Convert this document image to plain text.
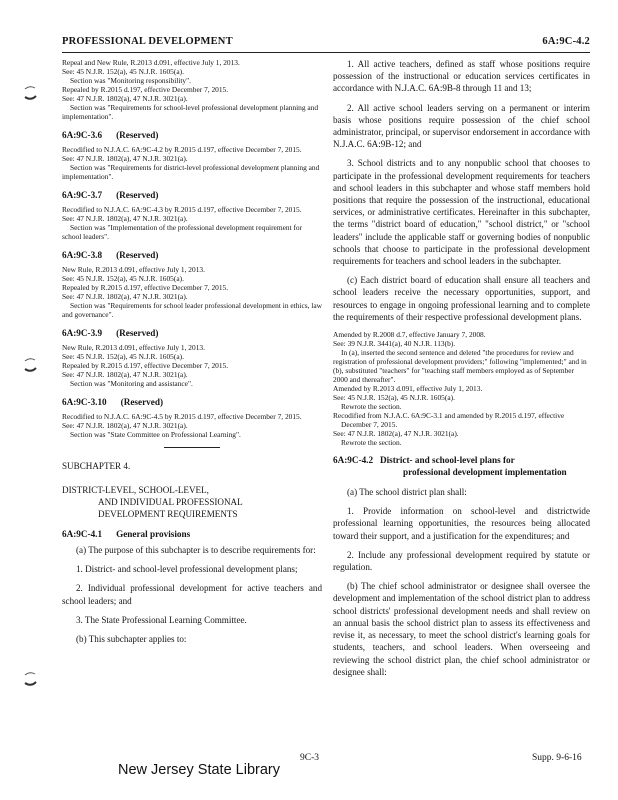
PROFESSIONAL DEVELOPMENT	6A:9C-4.2

Repeal and New Rule, R.2013 d.091, effective July 1, 2013.

See: 45 N.J.R. 152(a), 45 N.J.R. 1605(a).

Section was "Monitoring responsibility".

Repealed by R.2015 d.197, effective December 7, 2015.

See: 47 N.J.R. 1802(a), 47 N.J.R. 3021(a).

Section was "Requirements for school-level professional development planning and implementation".

6A:9C-3.6 (Reserved)

Recodified to N.J.A.C. 6A:9C-4.2 by R.2015 d.197, effective December 7, 2015.

See: 47 N.J.R. 1802(a), 47 N.J.R. 3021(a).

Section was "Requirements for district-level professional development planning and implementation".

6A:9C-3.7 (Reserved)

Recodified to N.J.A.C. 6A:9C-4.3 by R.2015 d.197, effective December 7, 2015.

See: 47 N.J.R. 1802(a), 47 N.J.R. 3021(a).

Section was "Implementation of the professional development requirement for school leaders".

6A:9C-3.8 (Reserved)

New Rule, R.2013 d.091, effective July 1, 2013.

See: 45 N.J.R. 152(a), 45 N.J.R. 1605(a).

Repealed by R.2015 d.197, effective December 7, 2015.

See: 47 N.J.R. 1802(a), 47 N.J.R. 3021(a).

Section was "Requirements for school leader professional development in ethics, law and governance".

6A:9C-3.9 (Reserved)

New Rule, R.2013 d.091, effective July 1, 2013.

See: 45 N.J.R. 152(a), 45 N.J.R. 1605(a).

Repealed by R.2015 d.197, effective December 7, 2015.

See: 47 N.J.R. 1802(a), 47 N.J.R. 3021(a).

Section was "Monitoring and assistance".

6A:9C-3.10 (Reserved)

Recodified to N.J.A.C. 6A:9C-4.5 by R.2015 d.197, effective December 7, 2015.

See: 47 N.J.R. 1802(a), 47 N.J.R. 3021(a).

Section was "State Committee on Professional Learning".

SUBCHAPTER 4.

DISTRICT-LEVEL, SCHOOL-LEVEL,
AND INDIVIDUAL PROFESSIONAL
DEVELOPMENT REQUIREMENTS
6A:9C-4.1 General provisions

(a) The purpose of this subchapter is to describe requirements for:

1. District- and school-level professional development plans;

2. Individual professional development for active teachers and school leaders; and

3. The State Professional Learning Committee.

(b) This subchapter applies to:

1. All active teachers, defined as staff whose positions require possession of the instructional or education services certificates in accordance with N.J.A.C. 6A:9B-8 through 11 and 13;

2. All active school leaders serving on a permanent or interim basis whose positions require possession of the chief school administrator, principal, or supervisor endorsement in accordance with N.J.A.C. 6A:9B-12; and

3. School districts and to any nonpublic school that chooses to participate in the professional development requirements for teachers and school leaders in this subchapter and whose staff members hold positions that require the possession of the instructional, educational services, or administrative certificates. Hereinafter in this subchapter, the terms "district board of education," "school district," or "school leaders" include the applicable staff or governing bodies of nonpublic schools that choose to participate in the professional development requirements for teachers and school leaders in the subchapter.

(c) Each district board of education shall ensure all teachers and school leaders receive the necessary opportunities, support, and resources to engage in ongoing professional learning and to complete the requirements of their respective professional development plans.

Amended by R.2008 d.7, effective January 7, 2008.

See: 39 N.J.R. 3441(a), 40 N.J.R. 113(b).

In (a), inserted the second sentence and deleted "the procedures for review and registration of professional development providers;" following "implemented;" and in (b), substituted "teachers" for "teaching staff members employed as of September 2000 and thereafter".

Amended by R.2013 d.091, effective July 1, 2013.

See: 45 N.J.R. 152(a), 45 N.J.R. 1605(a).

Rewrote the section.

Recodified from N.J.A.C. 6A:9C-3.1 and amended by R.2015 d.197, effective December 7, 2015.

See: 47 N.J.R. 1802(a), 47 N.J.R. 3021(a).

Rewrote the section.

6A:9C-4.2 District- and school-level plans for
professional development implementation

(a) The school district plan shall:

1. Provide information on school-level and districtwide professional learning opportunities, the resources being allocated toward their support, and a justification for the expenditures; and

2. Include any professional development required by statute or regulation.

(b) The chief school administrator or designee shall oversee the development and implementation of the school district plan to address school districts' professional development needs and shall review on an annual basis the school district plan to assess its effectiveness and revise it, as necessary, to meet the school district's learning goals for students, teachers, and school leaders. When overseeing and reviewing the school district plan, the chief school administrator or designee shall:

9C-3	Supp. 9-6-16
New Jersey State Library
